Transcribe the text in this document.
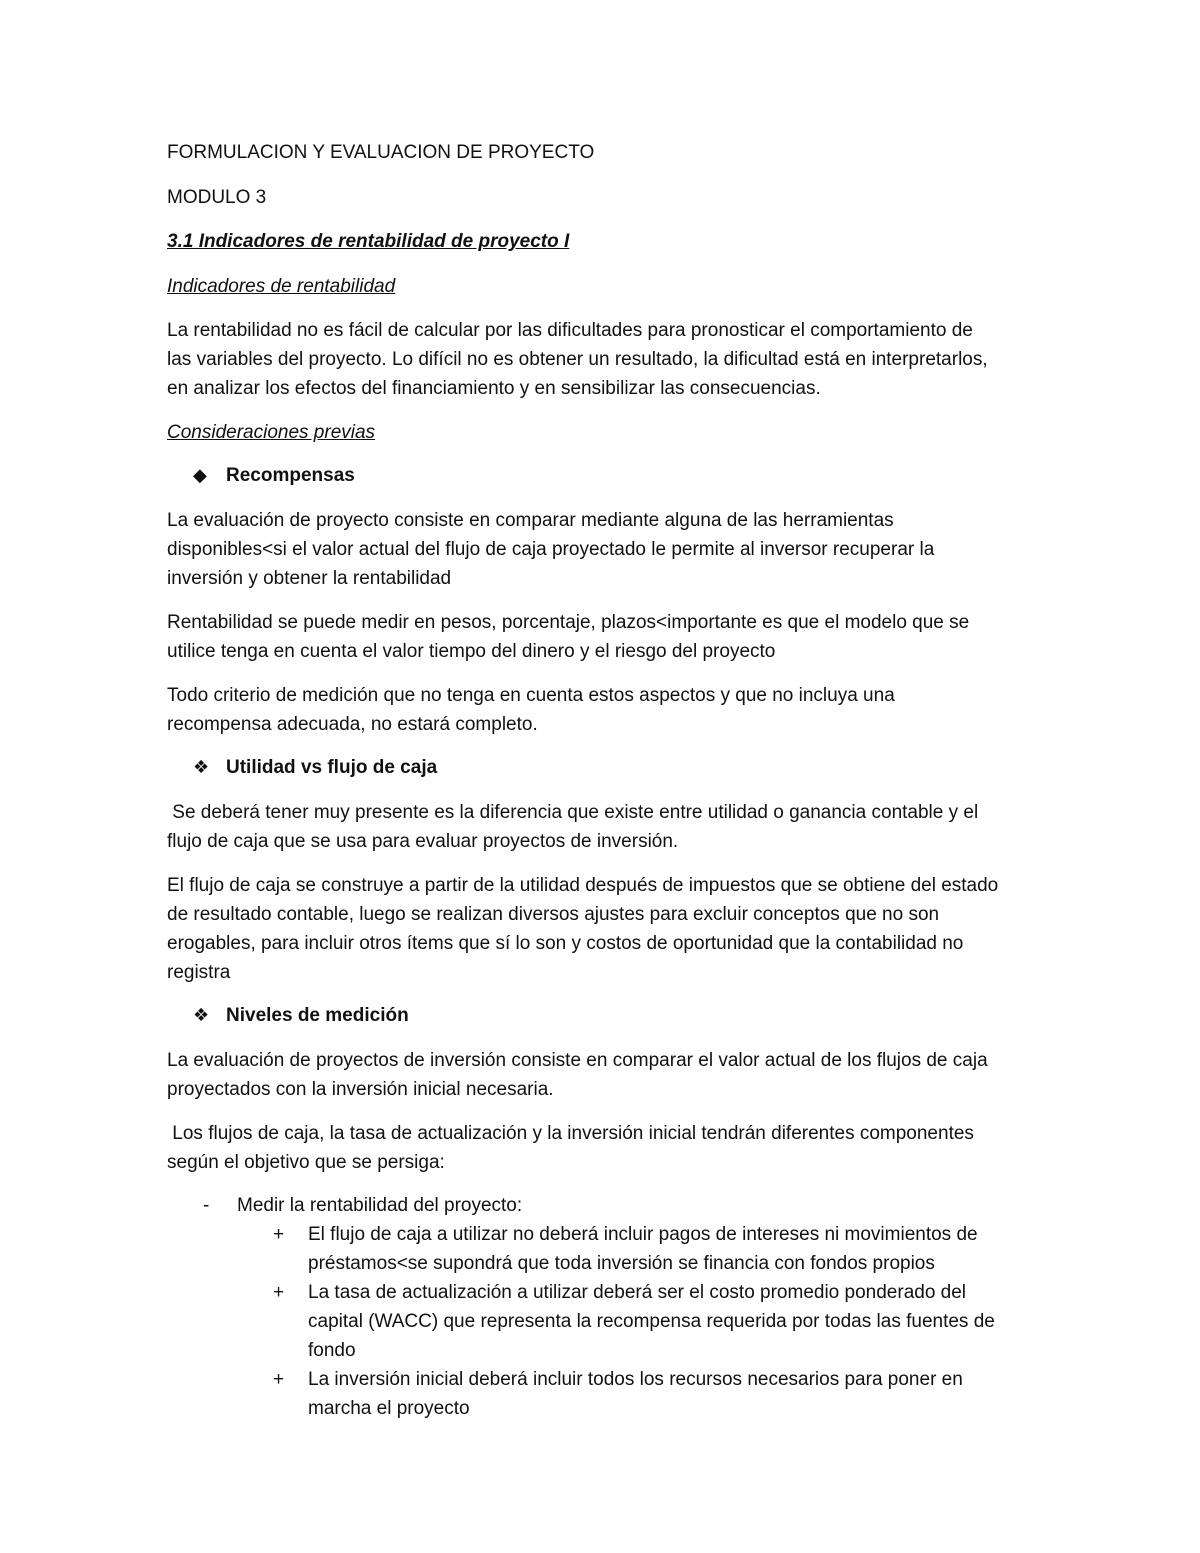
FORMULACION Y EVALUACION DE PROYECTO

MODULO 3

3.1 Indicadores de rentabilidad de proyecto I

Indicadores de rentabilidad

La rentabilidad no es fácil de calcular por las dificultades para pronosticar el comportamiento de

las variables del proyecto. Lo difícil no es obtener un resultado, la dificultad está en interpretarlos,

en analizar los efectos del financiamiento y en sensibilizar las consecuencias.

Consideraciones previas

◆	Recompensas

La evaluación de proyecto consiste en comparar mediante alguna de las herramientas

disponibles<si el valor actual del flujo de caja proyectado le permite al inversor recuperar la

inversión y obtener la rentabilidad

Rentabilidad se puede medir en pesos, porcentaje, plazos<importante es que el modelo que se

utilice tenga en cuenta el valor tiempo del dinero y el riesgo del proyecto

Todo criterio de medición que no tenga en cuenta estos aspectos y que no incluya una

recompensa adecuada, no estará completo.

❖ Utilidad vs flujo de caja

Se deberá tener muy presente es la diferencia que existe entre utilidad o ganancia contable y el

flujo de caja que se usa para evaluar proyectos de inversión.

El flujo de caja se construye a partir de la utilidad después de impuestos que se obtiene del estado

de resultado contable, luego se realizan diversos ajustes para excluir conceptos que no son

erogables, para incluir otros ítems que sí lo son y costos de oportunidad que la contabilidad no

registra

❖ Niveles de medición

La evaluación de proyectos de inversión consiste en comparar el valor actual de los flujos de caja

proyectados con la inversión inicial necesaria.

Los flujos de caja, la tasa de actualización y la inversión inicial tendrán diferentes componentes

según el objetivo que se persiga:

- Medir la rentabilidad del proyecto:
+ El flujo de caja a utilizar no deberá incluir pagos de intereses ni movimientos de
préstamos<se supondrá que toda inversión se financia con fondos propios
+ La tasa de actualización a utilizar deberá ser el costo promedio ponderado del
capital (WACC) que representa la recompensa requerida por todas las fuentes de
fondo
+ La inversión inicial deberá incluir todos los recursos necesarios para poner en
marcha el proyecto
